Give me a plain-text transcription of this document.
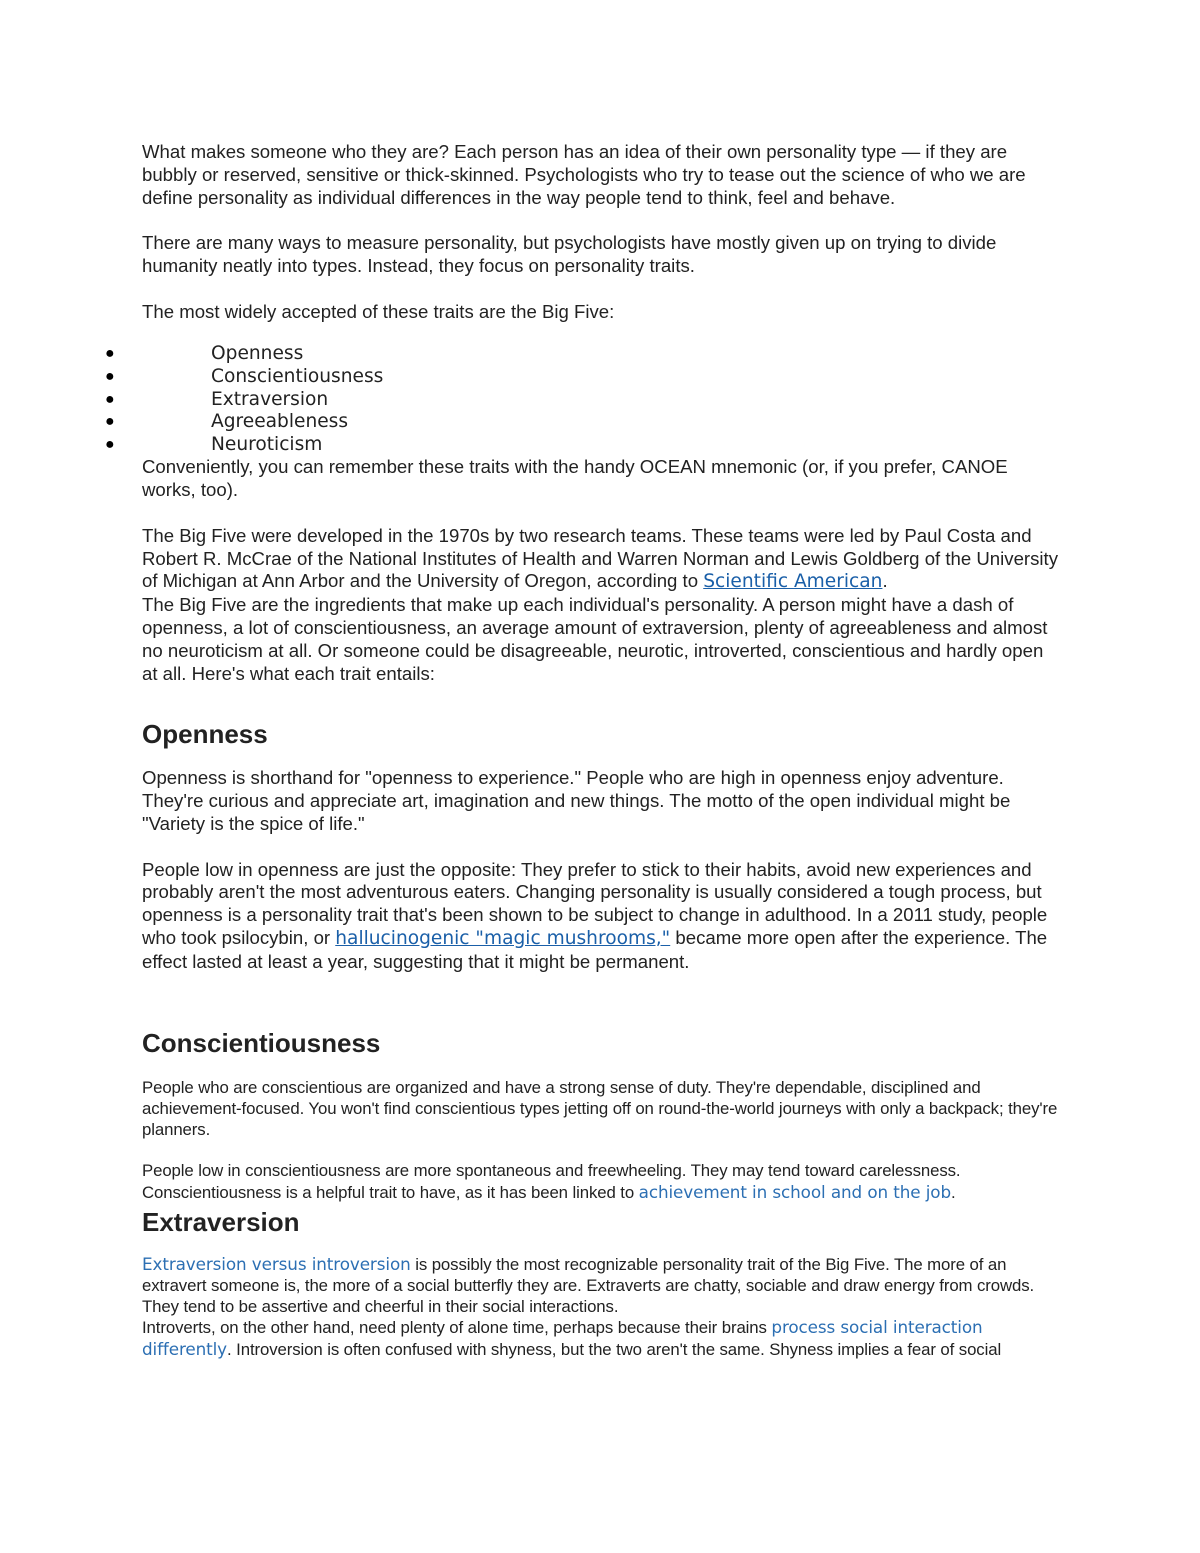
What makes someone who they are? Each person has an idea of their own personality type — if they are bubbly or reserved, sensitive or thick-skinned. Psychologists who try to tease out the science of who we are define personality as individual differences in the way people tend to think, feel and behave.

There are many ways to measure personality, but psychologists have mostly given up on trying to divide humanity neatly into types. Instead, they focus on personality traits.

The most widely accepted of these traits are the Big Five:

●	Openness
●	Conscientiousness
●	Extraversion
●	Agreeableness
●	Neuroticism

Conveniently, you can remember these traits with the handy OCEAN mnemonic (or, if you prefer, CANOE works, too).

The Big Five were developed in the 1970s by two research teams. These teams were led by Paul Costa and Robert R. McCrae of the National Institutes of Health and Warren Norman and Lewis Goldberg of the University of Michigan at Ann Arbor and the University of Oregon, according to Scientific American.

The Big Five are the ingredients that make up each individual's personality. A person might have a dash of openness, a lot of conscientiousness, an average amount of extraversion, plenty of agreeableness and almost no neuroticism at all. Or someone could be disagreeable, neurotic, introverted, conscientious and hardly open at all. Here's what each trait entails:

Openness

Openness is shorthand for "openness to experience." People who are high in openness enjoy adventure. They're curious and appreciate art, imagination and new things. The motto of the open individual might be "Variety is the spice of life."

People low in openness are just the opposite: They prefer to stick to their habits, avoid new experiences and probably aren't the most adventurous eaters. Changing personality is usually considered a tough process, but openness is a personality trait that's been shown to be subject to change in adulthood. In a 2011 study, people who took psilocybin, or hallucinogenic "magic mushrooms," became more open after the experience. The effect lasted at least a year, suggesting that it might be permanent.

Conscientiousness

People who are conscientious are organized and have a strong sense of duty. They're dependable, disciplined and achievement-focused. You won't find conscientious types jetting off on round-the-world journeys with only a backpack; they're planners.

People low in conscientiousness are more spontaneous and freewheeling. They may tend toward carelessness. Conscientiousness is a helpful trait to have, as it has been linked to achievement in school and on the job.

Extraversion

Extraversion versus introversion is possibly the most recognizable personality trait of the Big Five. The more of an extravert someone is, the more of a social butterfly they are. Extraverts are chatty, sociable and draw energy from crowds. They tend to be assertive and cheerful in their social interactions.

Introverts, on the other hand, need plenty of alone time, perhaps because their brains process social interaction differently. Introversion is often confused with shyness, but the two aren't the same. Shyness implies a fear of social
